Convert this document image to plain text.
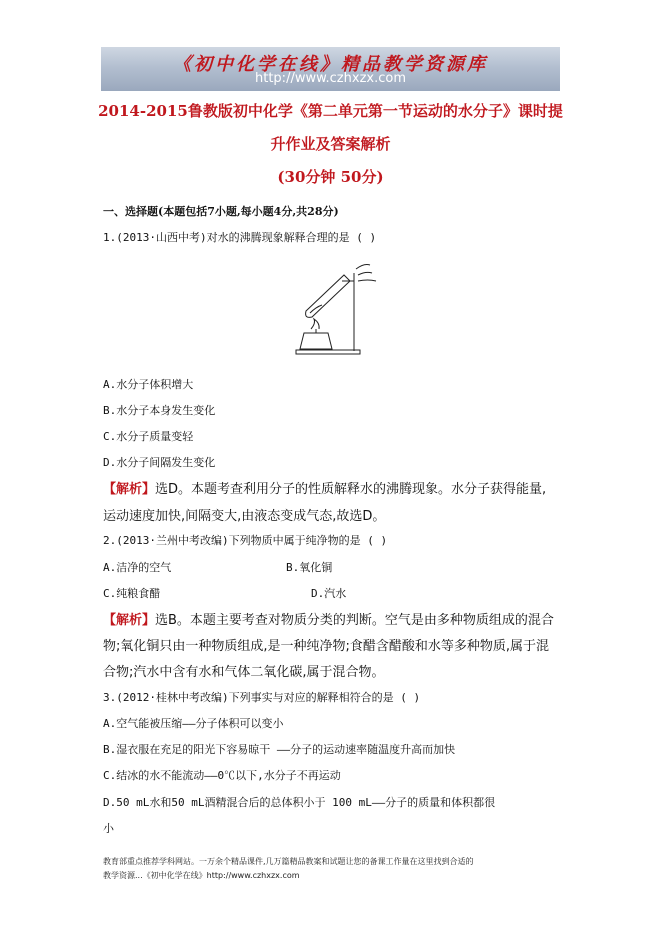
《初中化学在线》精品教学资源库
http://www.czhxzx.com
2014-2015鲁教版初中化学《第二单元第一节运动的水分子》课时提
升作业及答案解析
(30分钟 50分)
一、选择题(本题包括7小题,每小题4分,共28分)
1.(2013·山西中考)对水的沸腾现象解释合理的是 ( )
A.水分子体积增大
B.水分子本身发生变化
C.水分子质量变轻
D.水分子间隔发生变化
【解析】选D。本题考查利用分子的性质解释水的沸腾现象。水分子获得能量,
运动速度加快,间隔变大,由液态变成气态,故选D。
2.(2013·兰州中考改编)下列物质中属于纯净物的是 ( )
A.洁净的空气	B.氧化铜
C.纯粮食醋	D.汽水
【解析】选B。本题主要考查对物质分类的判断。空气是由多种物质组成的混合
物;氧化铜只由一种物质组成,是一种纯净物;食醋含醋酸和水等多种物质,属于混
合物;汽水中含有水和气体二氧化碳,属于混合物。
3.(2012·桂林中考改编)下列事实与对应的解释相符合的是 ( )
A.空气能被压缩——分子体积可以变小
B.湿衣服在充足的阳光下容易晾干 ——分子的运动速率随温度升高而加快
C.结冰的水不能流动——0℃以下,水分子不再运动
D.50 mL水和50 mL酒精混合后的总体积小于 100 mL——分子的质量和体积都很
小
教育部重点推荐学科网站。一万余个精品课件,几万篇精品教案和试题让您的备课工作量在这里找到合适的
教学资源...《初中化学在线》http://www.czhxzx.com
